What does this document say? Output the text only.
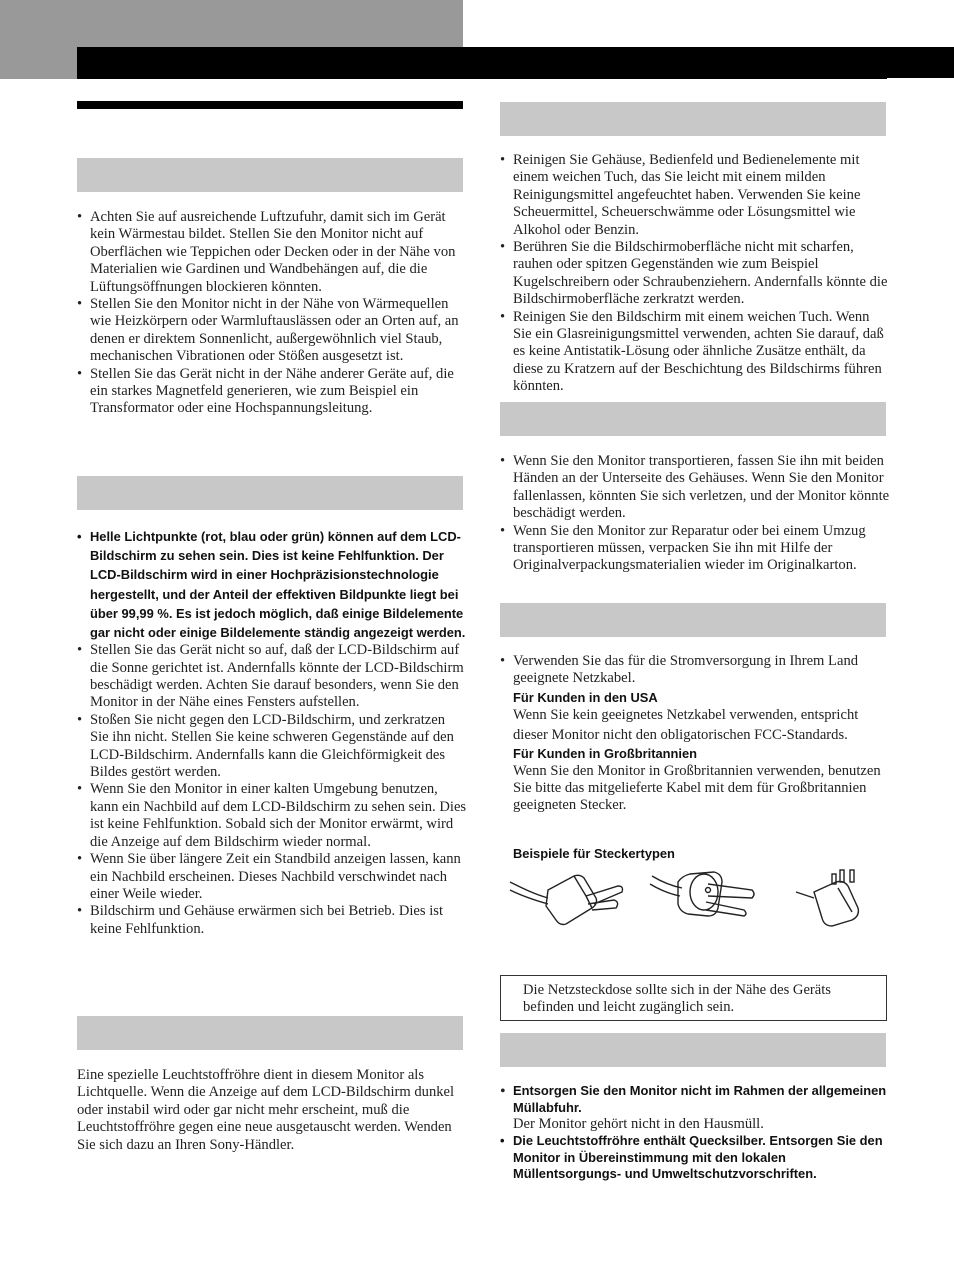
• Achten Sie auf ausreichende Luftzufuhr, damit sich im Gerät kein Wärmestau bildet. Stellen Sie den Monitor nicht auf Oberflächen wie Teppichen oder Decken oder in der Nähe von Materialien wie Gardinen und Wandbehängen auf, die die Lüftungsöffnungen blockieren könnten.
• Stellen Sie den Monitor nicht in der Nähe von Wärmequellen wie Heizkörpern oder Warmluftauslässen oder an Orten auf, an denen er direktem Sonnenlicht, außergewöhnlich viel Staub, mechanischen Vibrationen oder Stößen ausgesetzt ist.
• Stellen Sie das Gerät nicht in der Nähe anderer Geräte auf, die ein starkes Magnetfeld generieren, wie zum Beispiel ein Transformator oder eine Hochspannungsleitung.
• Helle Lichtpunkte (rot, blau oder grün) können auf dem LCD-Bildschirm zu sehen sein. Dies ist keine Fehlfunktion. Der LCD-Bildschirm wird in einer Hochpräzisionstechnologie hergestellt, und der Anteil der effektiven Bildpunkte liegt bei über 99,99 %. Es ist jedoch möglich, daß einige Bildelemente gar nicht oder einige Bildelemente ständig angezeigt werden.
• Stellen Sie das Gerät nicht so auf, daß der LCD-Bildschirm auf die Sonne gerichtet ist. Andernfalls könnte der LCD-Bildschirm beschädigt werden. Achten Sie darauf besonders, wenn Sie den Monitor in der Nähe eines Fensters aufstellen.
• Stoßen Sie nicht gegen den LCD-Bildschirm, und zerkratzen Sie ihn nicht. Stellen Sie keine schweren Gegenstände auf den LCD-Bildschirm. Andernfalls kann die Gleichförmigkeit des Bildes gestört werden.
• Wenn Sie den Monitor in einer kalten Umgebung benutzen, kann ein Nachbild auf dem LCD-Bildschirm zu sehen sein. Dies ist keine Fehlfunktion. Sobald sich der Monitor erwärmt, wird die Anzeige auf dem Bildschirm wieder normal.
• Wenn Sie über längere Zeit ein Standbild anzeigen lassen, kann ein Nachbild erscheinen. Dieses Nachbild verschwindet nach einer Weile wieder.
• Bildschirm und Gehäuse erwärmen sich bei Betrieb. Dies ist keine Fehlfunktion.

Eine spezielle Leuchtstoffröhre dient in diesem Monitor als Lichtquelle. Wenn die Anzeige auf dem LCD-Bildschirm dunkel oder instabil wird oder gar nicht mehr erscheint, muß die Leuchtstoffröhre gegen eine neue ausgetauscht werden. Wenden Sie sich dazu an Ihren Sony-Händler.

• Reinigen Sie Gehäuse, Bedienfeld und Bedienelemente mit einem weichen Tuch, das Sie leicht mit einem milden Reinigungsmittel angefeuchtet haben. Verwenden Sie keine Scheuermittel, Scheuerschwämme oder Lösungsmittel wie Alkohol oder Benzin.
• Berühren Sie die Bildschirmoberfläche nicht mit scharfen, rauhen oder spitzen Gegenständen wie zum Beispiel Kugelschreibern oder Schraubenziehern. Andernfalls könnte die Bildschirmoberfläche zerkratzt werden.
• Reinigen Sie den Bildschirm mit einem weichen Tuch. Wenn Sie ein Glasreinigungsmittel verwenden, achten Sie darauf, daß es keine Antistatik-Lösung oder ähnliche Zusätze enthält, da diese zu Kratzern auf der Beschichtung des Bildschirms führen könnten.
• Wenn Sie den Monitor transportieren, fassen Sie ihn mit beiden Händen an der Unterseite des Gehäuses. Wenn Sie den Monitor fallenlassen, könnten Sie sich verletzen, und der Monitor könnte beschädigt werden.
• Wenn Sie den Monitor zur Reparatur oder bei einem Umzug transportieren müssen, verpacken Sie ihn mit Hilfe der Originalverpackungsmaterialien wieder im Originalkarton.
• Verwenden Sie das für die Stromversorgung in Ihrem Land geeignete Netzkabel.
Für Kunden in den USA
Wenn Sie kein geeignetes Netzkabel verwenden, entspricht dieser Monitor nicht den obligatorischen FCC-Standards.
Für Kunden in Großbritannien
Wenn Sie den Monitor in Großbritannien verwenden, benutzen Sie bitte das mitgelieferte Kabel mit dem für Großbritannien geeigneten Stecker.
Beispiele für Steckertypen
Die Netzsteckdose sollte sich in der Nähe des Geräts befinden und leicht zugänglich sein.
• Entsorgen Sie den Monitor nicht im Rahmen der allgemeinen Müllabfuhr.
Der Monitor gehört nicht in den Hausmüll.
• Die Leuchtstoffröhre enthält Quecksilber. Entsorgen Sie den Monitor in Übereinstimmung mit den lokalen Müllentsorgungs- und Umweltschutzvorschriften.
